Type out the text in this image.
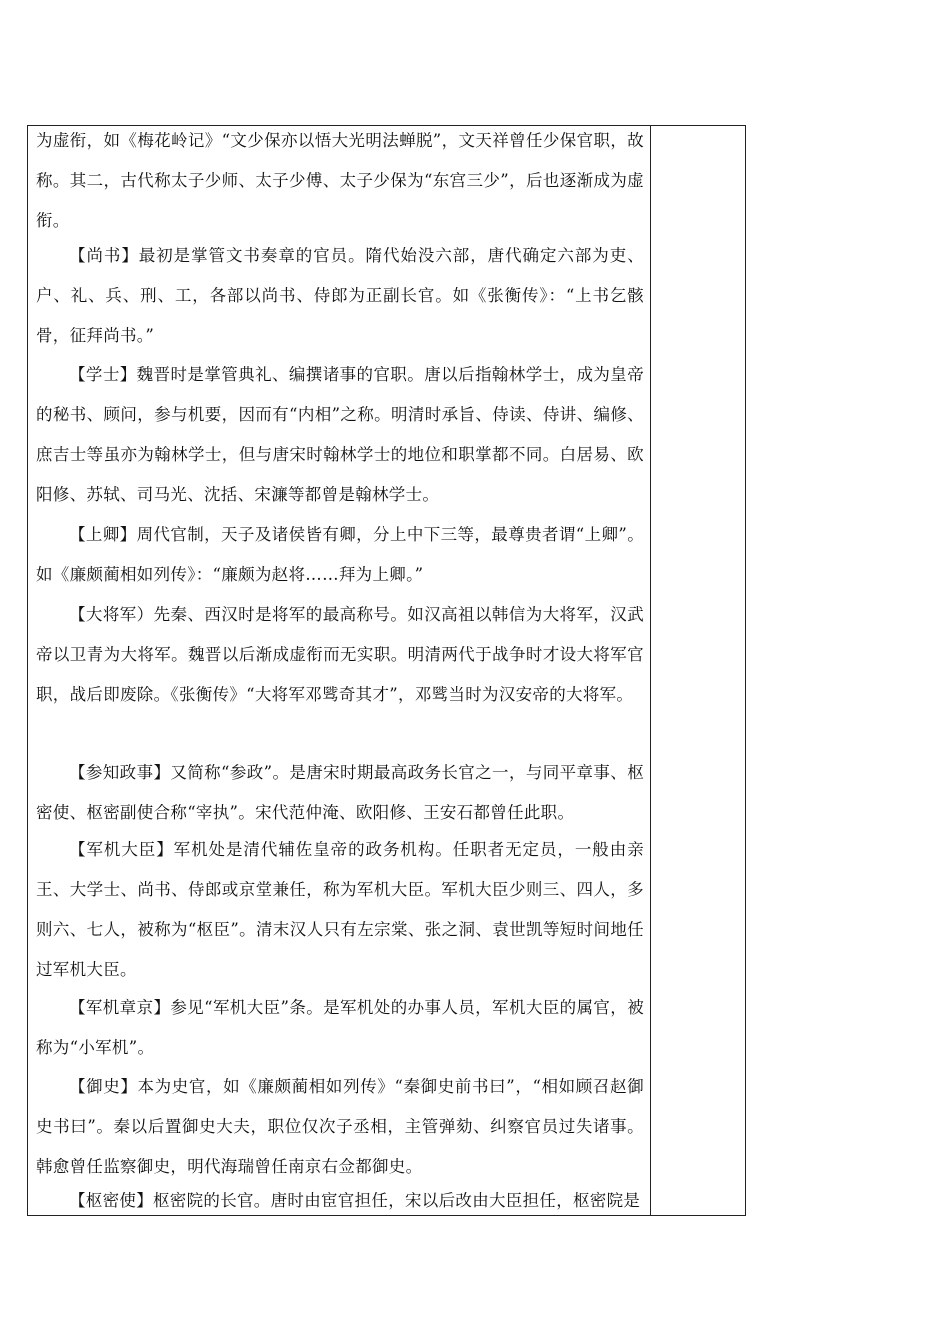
为虚衔，如《梅花岭记》“文少保亦以悟大光明法蝉脱”，文天祥曾任少保官职，故称。其二，古代称太子少师、太子少傅、太子少保为“东宫三少”，后也逐渐成为虚衔。

【尚书】最初是掌管文书奏章的官员。隋代始没六部，唐代确定六部为吏、户、礼、兵、刑、工，各部以尚书、侍郎为正副长官。如《张衡传》：“上书乞骸骨，征拜尚书。”

【学士】魏晋时是掌管典礼、编撰诸事的官职。唐以后指翰林学士，成为皇帝的秘书、顾问，参与机要，因而有“内相”之称。明清时承旨、侍读、侍讲、编修、庶吉士等虽亦为翰林学士，但与唐宋时翰林学士的地位和职掌都不同。白居易、欧阳修、苏轼、司马光、沈括、宋濂等都曾是翰林学士。

【上卿】周代官制，天子及诸侯皆有卿，分上中下三等，最尊贵者谓“上卿”。如《廉颇蔺相如列传》：“廉颇为赵将……拜为上卿。”

【大将军）先秦、西汉时是将军的最高称号。如汉高祖以韩信为大将军，汉武帝以卫青为大将军。魏晋以后渐成虚衔而无实职。明清两代于战争时才设大将军官职，战后即废除。《张衡传》“大将军邓骘奇其才”，邓骘当时为汉安帝的大将军。

【参知政事】又简称“参政”。是唐宋时期最高政务长官之一，与同平章事、枢密使、枢密副使合称“宰执”。宋代范仲淹、欧阳修、王安石都曾任此职。

【军机大臣】军机处是清代辅佐皇帝的政务机构。任职者无定员，一般由亲王、大学士、尚书、侍郎或京堂兼任，称为军机大臣。军机大臣少则三、四人，多则六、七人，被称为“枢臣”。清末汉人只有左宗棠、张之洞、袁世凯等短时间地任过军机大臣。

【军机章京】参见“军机大臣”条。是军机处的办事人员，军机大臣的属官，被称为“小军机”。

【御史】本为史官，如《廉颇蔺相如列传》“秦御史前书曰”，“相如顾召赵御史书曰”。秦以后置御史大夫，职位仅次子丞相，主管弹劾、纠察官员过失诸事。韩愈曾任监察御史，明代海瑞曾任南京右佥都御史。

【枢密使】枢密院的长官。唐时由宦官担任，宋以后改由大臣担任，枢密院是
